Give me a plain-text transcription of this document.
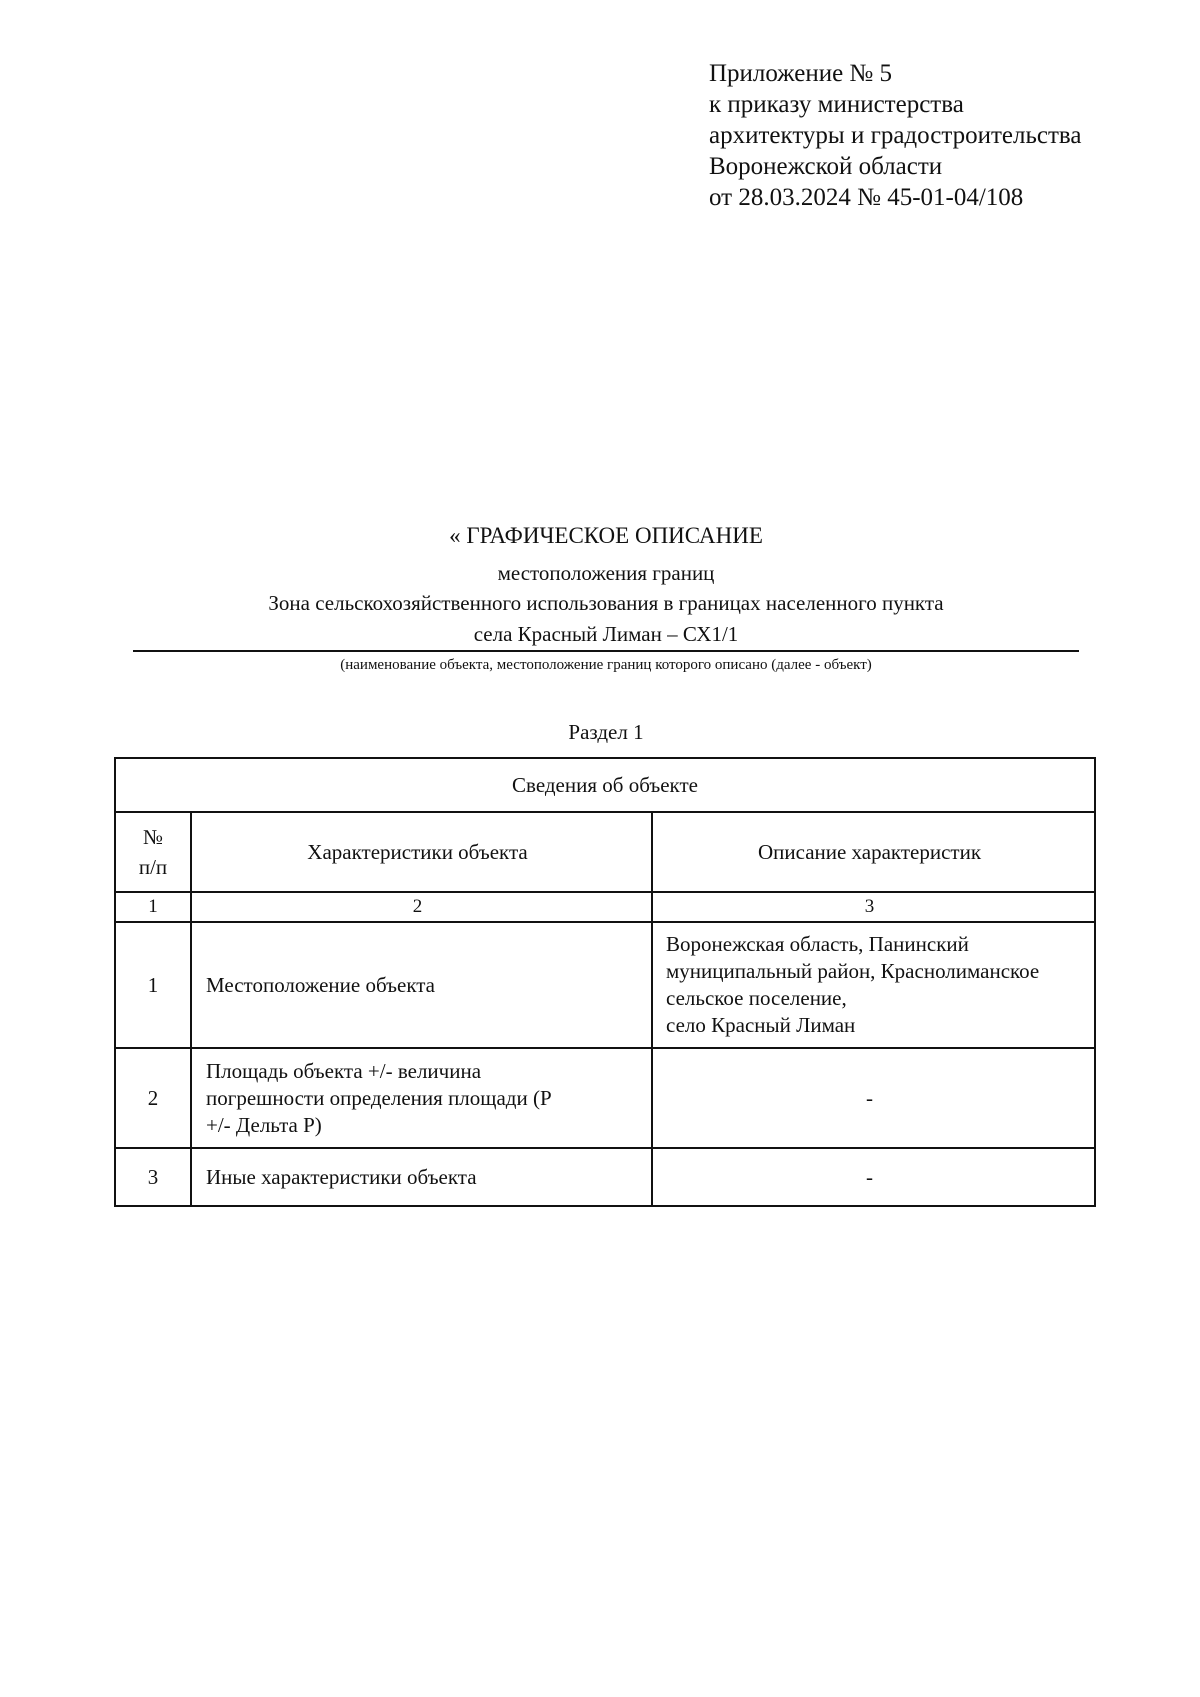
Приложение № 5
к приказу министерства
архитектуры и градостроительства
Воронежской области
от 28.03.2024 № 45-01-04/108
« ГРАФИЧЕСКОЕ ОПИСАНИЕ
местоположения границ
Зона сельскохозяйственного использования в границах населенного пункта
села Красный Лиман – СХ1/1
(наименование объекта, местоположение границ которого описано (далее - объект)
Раздел 1
Сведения об объекте		

№
п/п	Характеристики объекта	Описание характеристик
1	2	3
1	Местоположение объекта	Воронежская область, Панинский
муниципальный район, Краснолиманское
сельское поселение,
село Красный Лиман

2	Площадь объекта +/- величина
погрешности определения площади (Р
+/- Дельта Р)	-
3	Иные характеристики объекта	-
